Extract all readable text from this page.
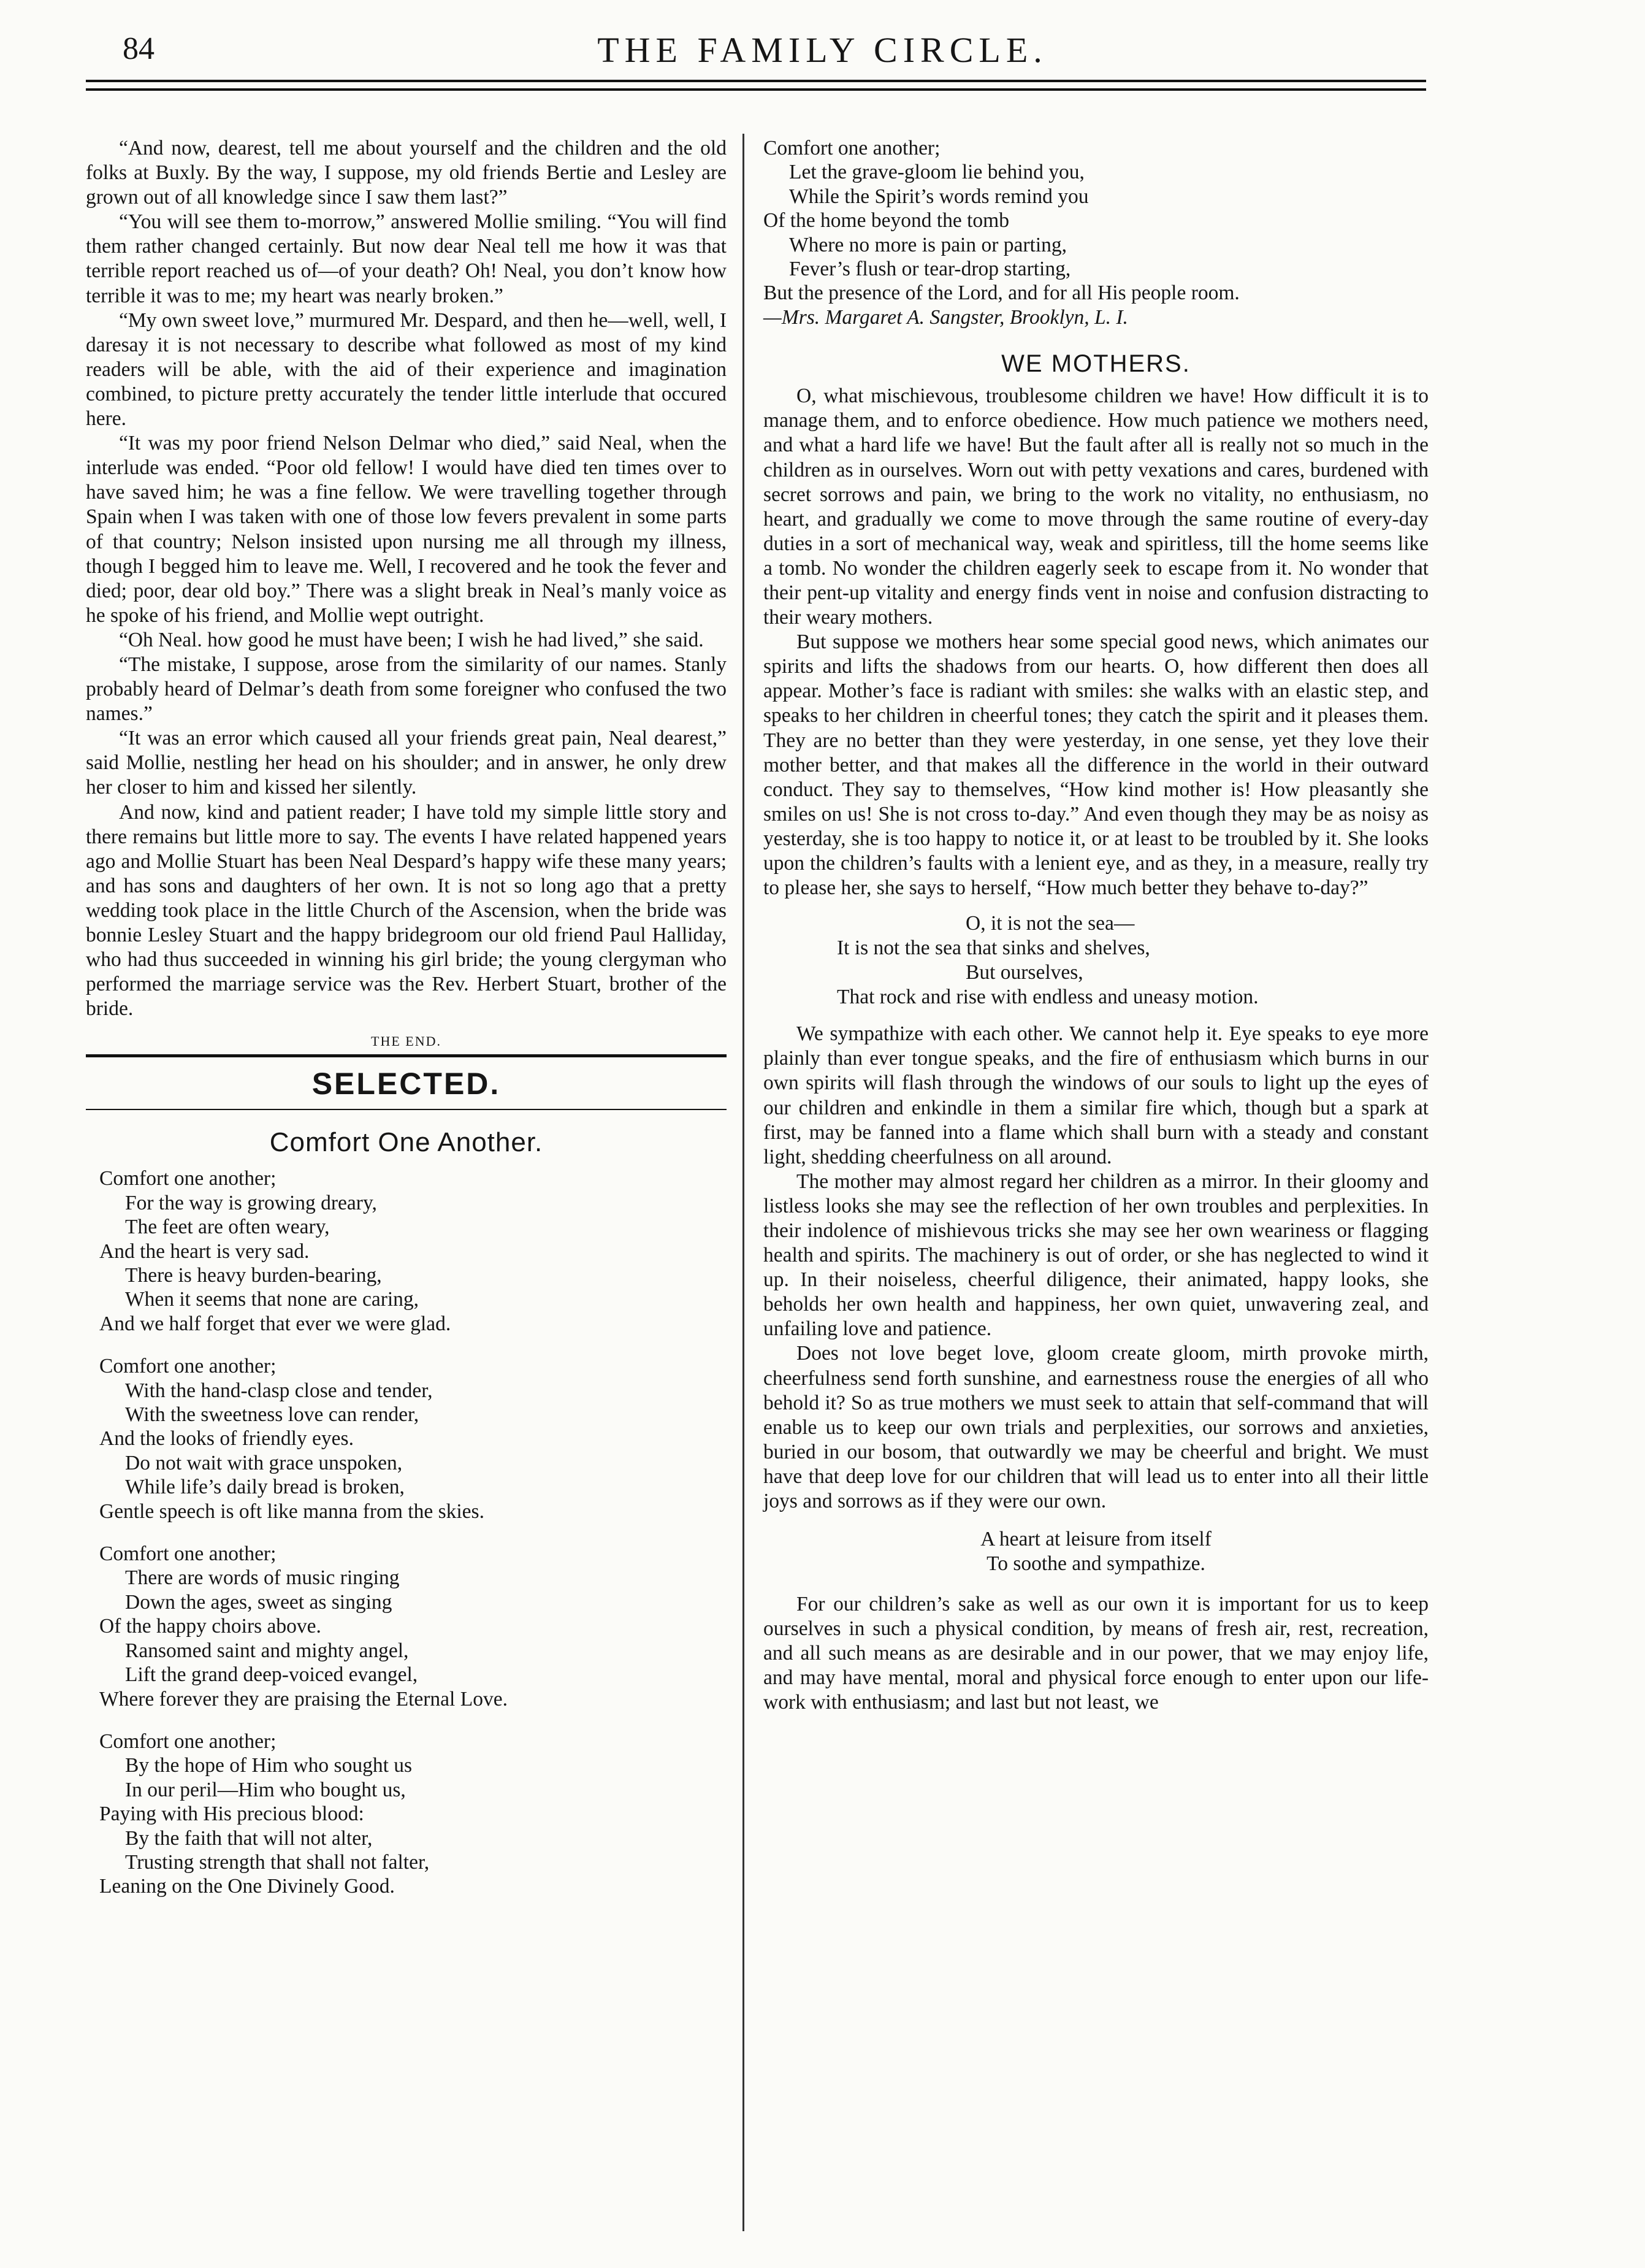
84	THE FAMILY CIRCLE.

“And now, dearest, tell me about yourself and the children and the old folks at Buxly. By the way, I suppose, my old friends Bertie and Lesley are grown out of all knowledge since I saw them last?”

“You will see them to-morrow,” answered Mollie smiling. “You will find them rather changed certainly. But now dear Neal tell me how it was that terrible report reached us of—of your death? Oh! Neal, you don’t know how terrible it was to me; my heart was nearly broken.”

“My own sweet love,” murmured Mr. Despard, and then he—well, well, I daresay it is not necessary to describe what followed as most of my kind readers will be able, with the aid of their experience and imagination combined, to picture pretty accurately the tender little interlude that occured here.

“It was my poor friend Nelson Delmar who died,” said Neal, when the interlude was ended. “Poor old fellow! I would have died ten times over to have saved him; he was a fine fellow. We were travelling together through Spain when I was taken with one of those low fevers prevalent in some parts of that country; Nelson insisted upon nursing me all through my illness, though I begged him to leave me. Well, I recovered and he took the fever and died; poor, dear old boy.” There was a slight break in Neal’s manly voice as he spoke of his friend, and Mollie wept outright.

“Oh Neal. how good he must have been; I wish he had lived,” she said.

“The mistake, I suppose, arose from the similarity of our names. Stanly probably heard of Delmar’s death from some foreigner who confused the two names.”

“It was an error which caused all your friends great pain, Neal dearest,” said Mollie, nestling her head on his shoulder; and in answer, he only drew her closer to him and kissed her silently.

And now, kind and patient reader; I have told my simple little story and there remains but little more to say. The events I have related happened years ago and Mollie Stuart has been Neal Despard’s happy wife these many years; and has sons and daughters of her own. It is not so long ago that a pretty wedding took place in the little Church of the Ascension, when the bride was bonnie Lesley Stuart and the happy bridegroom our old friend Paul Halliday, who had thus succeeded in winning his girl bride; the young clergyman who performed the marriage service was the Rev. Herbert Stuart, brother of the bride.

THE END.
SELECTED.
Comfort One Another.
Comfort one another;
For the way is growing dreary,
The feet are often weary,
And the heart is very sad.
There is heavy burden-bearing,
When it seems that none are caring,
And we half forget that ever we were glad.
Comfort one another;
With the hand-clasp close and tender,
With the sweetness love can render,
And the looks of friendly eyes.
Do not wait with grace unspoken,
While life’s daily bread is broken,
Gentle speech is oft like manna from the skies.
Comfort one another;
There are words of music ringing
Down the ages, sweet as singing
Of the happy choirs above.
Ransomed saint and mighty angel,
Lift the grand deep-voiced evangel,
Where forever they are praising the Eternal Love.
Comfort one another;
By the hope of Him who sought us
In our peril—Him who bought us,
Paying with His precious blood:
By the faith that will not alter,
Trusting strength that shall not falter,
Leaning on the One Divinely Good.
Comfort one another;
Let the grave-gloom lie behind you,
While the Spirit’s words remind you
Of the home beyond the tomb
Where no more is pain or parting,
Fever’s flush or tear-drop starting,
But the presence of the Lord, and for all His people room.
—Mrs. Margaret A. Sangster, Brooklyn, L. I.
WE MOTHERS.

O, what mischievous, troublesome children we have! How difficult it is to manage them, and to enforce obedience. How much patience we mothers need, and what a hard life we have! But the fault after all is really not so much in the children as in ourselves. Worn out with petty vexations and cares, burdened with secret sorrows and pain, we bring to the work no vitality, no enthusiasm, no heart, and gradually we come to move through the same routine of every-day duties in a sort of mechanical way, weak and spiritless, till the home seems like a tomb. No wonder the children eagerly seek to escape from it. No wonder that their pent-up vitality and energy finds vent in noise and confusion distracting to their weary mothers.

But suppose we mothers hear some special good news, which animates our spirits and lifts the shadows from our hearts. O, how different then does all appear. Mother’s face is radiant with smiles: she walks with an elastic step, and speaks to her children in cheerful tones; they catch the spirit and it pleases them. They are no better than they were yesterday, in one sense, yet they love their mother better, and that makes all the difference in the world in their outward conduct. They say to themselves, “How kind mother is! How pleasantly she smiles on us! She is not cross to-day.” And even though they may be as noisy as yesterday, she is too happy to notice it, or at least to be troubled by it. She looks upon the children’s faults with a lenient eye, and as they, in a measure, really try to please her, she says to herself, “How much better they behave to-day?”

O, it is not the sea—
It is not the sea that sinks and shelves,
But ourselves,
That rock and rise with endless and uneasy motion.

We sympathize with each other. We cannot help it. Eye speaks to eye more plainly than ever tongue speaks, and the fire of enthusiasm which burns in our own spirits will flash through the windows of our souls to light up the eyes of our children and enkindle in them a similar fire which, though but a spark at first, may be fanned into a flame which shall burn with a steady and constant light, shedding cheerfulness on all around.

The mother may almost regard her children as a mirror. In their gloomy and listless looks she may see the reflection of her own troubles and perplexities. In their indolence of mishievous tricks she may see her own weariness or flagging health and spirits. The machinery is out of order, or she has neglected to wind it up. In their noiseless, cheerful diligence, their animated, happy looks, she beholds her own health and happiness, her own quiet, unwavering zeal, and unfailing love and patience.

Does not love beget love, gloom create gloom, mirth provoke mirth, cheerfulness send forth sunshine, and earnestness rouse the energies of all who behold it? So as true mothers we must seek to attain that self-command that will enable us to keep our own trials and perplexities, our sorrows and anxieties, buried in our bosom, that outwardly we may be cheerful and bright. We must have that deep love for our children that will lead us to enter into all their little joys and sorrows as if they were our own.

A heart at leisure from itself
To soothe and sympathize.

For our children’s sake as well as our own it is important for us to keep ourselves in such a physical condition, by means of fresh air, rest, recreation, and all such means as are desirable and in our power, that we may enjoy life, and may have mental, moral and physical force enough to enter upon our life-work with enthusiasm; and last but not least, we
